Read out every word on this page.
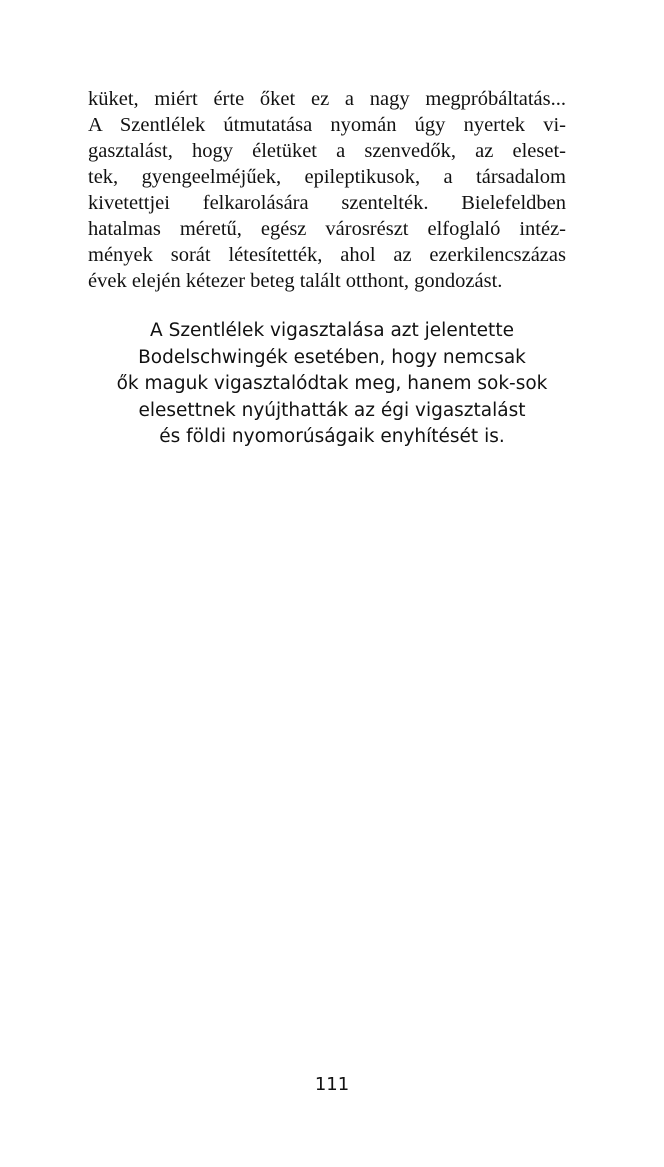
küket, miért érte őket ez a nagy megpróbáltatás...
A Szentlélek útmutatása nyomán úgy nyertek vi-
gasztalást, hogy életüket a szenvedők, az eleset-
tek, gyengeelméjűek, epileptikusok, a társadalom
kivetettjei felkarolására szentelték. Bielefeldben
hatalmas méretű, egész városrészt elfoglaló intéz-
mények sorát létesítették, ahol az ezerkilencszázas
évek elején kétezer beteg talált otthont, gondozást.
A Szentlélek vigasztalása azt jelentette
Bodelschwingék esetében, hogy nemcsak
ők maguk vigasztalódtak meg, hanem sok-sok
elesettnek nyújthatták az égi vigasztalást
és földi nyomorúságaik enyhítését is.
111
